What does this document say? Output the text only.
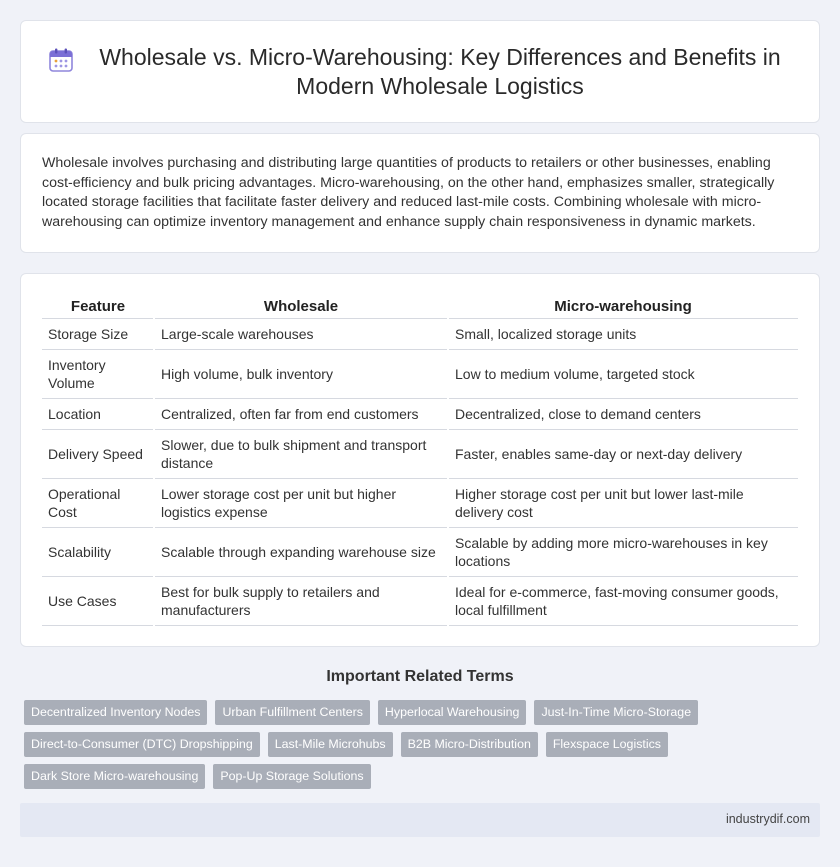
Wholesale vs. Micro-Warehousing: Key Differences and Benefits in Modern Wholesale Logistics

Wholesale involves purchasing and distributing large quantities of products to retailers or other businesses, enabling cost-efficiency and bulk pricing advantages. Micro-warehousing, on the other hand, emphasizes smaller, strategically located storage facilities that facilitate faster delivery and reduced last-mile costs. Combining wholesale with micro-warehousing can optimize inventory management and enhance supply chain responsiveness in dynamic markets.

Feature	Wholesale	Micro-warehousing
Storage Size	Large-scale warehouses	Small, localized storage units
Inventory Volume	High volume, bulk inventory	Low to medium volume, targeted stock
Location	Centralized, often far from end customers	Decentralized, close to demand centers
Delivery Speed	Slower, due to bulk shipment and transport distance	Faster, enables same-day or next-day delivery
Operational Cost	Lower storage cost per unit but higher logistics expense	Higher storage cost per unit but lower last-mile delivery cost
Scalability	Scalable through expanding warehouse size	Scalable by adding more micro-warehouses in key locations
Use Cases	Best for bulk supply to retailers and manufacturers	Ideal for e-commerce, fast-moving consumer goods, local fulfillment
Important Related Terms
Decentralized Inventory Nodes	Urban Fulfillment Centers	Hyperlocal Warehousing	Just-In-Time Micro-Storage
Direct-to-Consumer (DTC) Dropshipping	Last-Mile Microhubs	B2B Micro-Distribution	Flexspace Logistics
Dark Store Micro-warehousing	Pop-Up Storage Solutions
industrydif.com
